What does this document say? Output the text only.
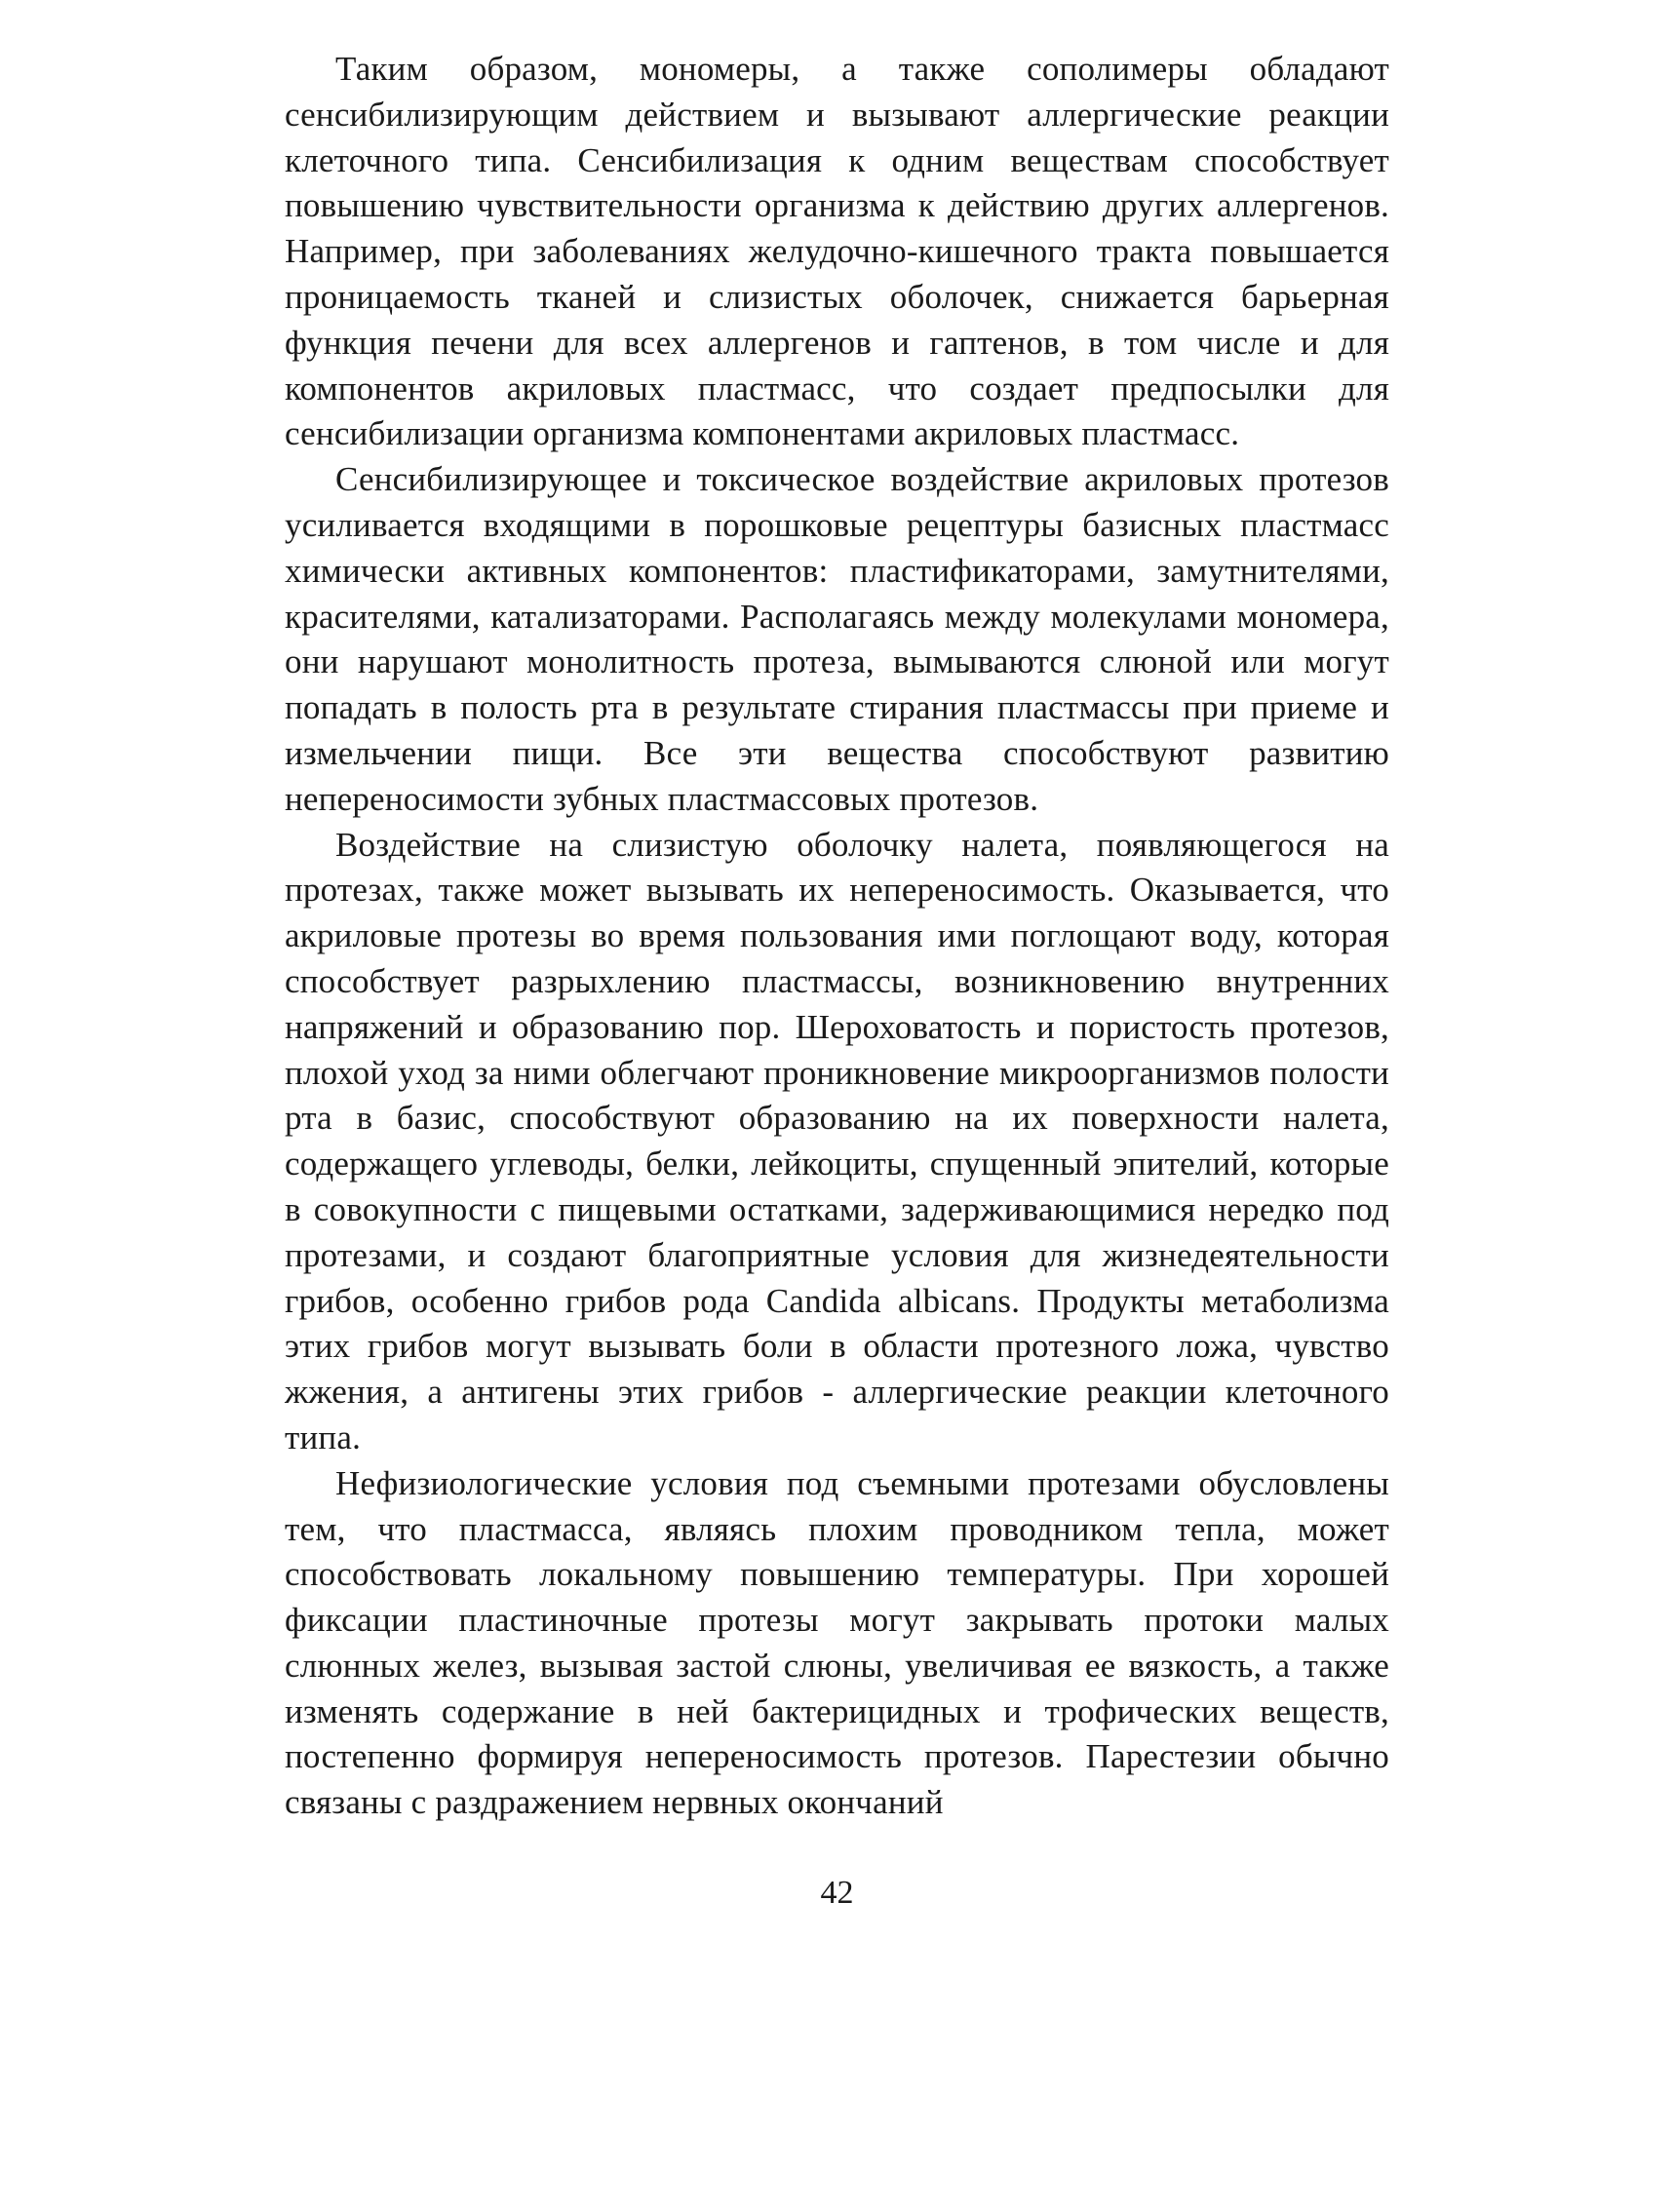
Таким образом, мономеры, а также сополимеры обладают сенсибилизирующим действием и вызывают аллергические реакции клеточного типа. Сенсибилизация к одним веществам способствует повышению чувствительности организма к действию других аллергенов. Например, при заболеваниях желудочно-кишечного тракта повышается проницаемость тканей и слизистых оболочек, снижается барьерная функция печени для всех аллергенов и гаптенов, в том числе и для компонентов акриловых пластмасс, что создает предпосылки для сенсибилизации организма компонентами акриловых пластмасс.

Сенсибилизирующее и токсическое воздействие акриловых протезов усиливается входящими в порошковые рецептуры базисных пластмасс химически активных компонентов: пластификаторами, замутнителями, красителями, катализаторами. Располагаясь между молекулами мономера, они нарушают монолитность протеза, вымываются слюной или могут попадать в полость рта в результате стирания пластмассы при приеме и измельчении пищи. Все эти вещества способствуют развитию непереносимости зубных пластмассовых протезов.

Воздействие на слизистую оболочку налета, появляющегося на протезах, также может вызывать их непереносимость. Оказывается, что акриловые протезы во время пользования ими поглощают воду, которая способствует разрыхлению пластмассы, возникновению внутренних напряжений и образованию пор. Шероховатость и пористость протезов, плохой уход за ними облегчают проникновение микроорганизмов полости рта в базис, способствуют образованию на их поверхности налета, содержащего углеводы, белки, лейкоциты, спущенный эпителий, которые в совокупности с пищевыми остатками, задерживающимися нередко под протезами, и создают благоприятные условия для жизнедеятельности грибов, особенно грибов рода Candida albicans. Продукты метаболизма этих грибов могут вызывать боли в области протезного ложа, чувство жжения, а антигены этих грибов - аллергические реакции клеточного типа.

Нефизиологические условия под съемными протезами обусловлены тем, что пластмасса, являясь плохим проводником тепла, может способствовать локальному повышению температуры. При хорошей фиксации пластиночные протезы могут закрывать протоки малых слюнных желез, вызывая застой слюны, увеличивая ее вязкость, а также изменять содержание в ней бактерицидных и трофических веществ, постепенно формируя непереносимость протезов. Парестезии обычно связаны с раздражением нервных окончаний

42
